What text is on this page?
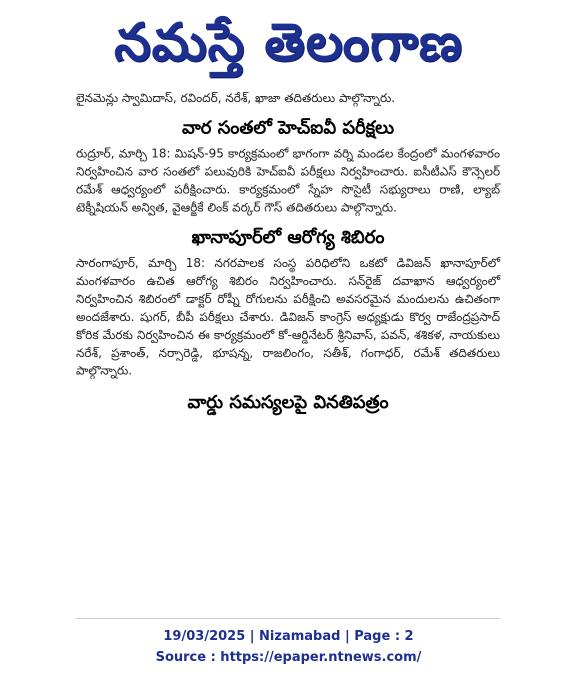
నమస్తే తెలంగాణ

లైనమెన్లు స్వామిదాస్, రవిందర్, నరేశ్, ఖాజా తదితరులు పాల్గొన్నారు.

వార సంతలో హెచ్ఐవీ పరీక్షలు

రుద్రూర్, మార్చి 18: మిషన్-95 కార్యక్రమంలో భాగంగా వర్ని మండల కేంద్రంలో మంగళవారం నిర్వహించిన వార సంతలో పలువురికి హెచ్ఐవీ పరీక్షలు నిర్వహించారు. ఐసీటీఎస్ కౌన్సెలర్ రమేశ్ ఆధ్వర్యంలో పరీక్షించారు. కార్యక్రమంలో స్నేహ సొసైటీ సభ్యురాలు రాణి, ల్యాబ్ టెక్నీషియన్ అన్విత, వైఆర్జీకే లింక్ వర్కర్ గౌస్ తదితరులు పాల్గొన్నారు.

ఖానాపూర్‌లో ఆరోగ్య శిబిరం

సారంగాపూర్, మార్చి 18: నగరపాలక సంస్థ పరిధిలోని ఒకటో డివిజన్ ఖానాపూర్‌లో మంగళవారం ఉచిత ఆరోగ్య శిబిరం నిర్వహించారు. సన్‌రైజ్ దవాఖాన ఆధ్వర్యంలో నిర్వహించిన శిబిరంలో డాక్టర్ రోష్నీ రోగులను పరీక్షించి అవసరమైన మందులను ఉచితంగా అందజేశారు. షుగర్, బీపీ పరీక్షలు చేశారు. డివిజన్ కాంగ్రెస్ అధ్యక్షుడు కొర్వ రాజేంద్రప్రసాద్ కోరిక మేరకు నిర్వహించిన ఈ కార్యక్రమంలో కో-ఆర్డినేటర్ శ్రీనివాస్, పవన్, శశికళ, నాయకులు నరేశ్, ప్రశాంత్, నర్సారెడ్డి, భూషన్న, రాజలింగం, సతీశ్, గంగాధర్, రమేశ్ తదితరులు పాల్గొన్నారు.

వార్డు సమస్యలపై వినతిపత్రం
19/03/2025 | Nizamabad | Page : 2
Source : https://epaper.ntnews.com/
